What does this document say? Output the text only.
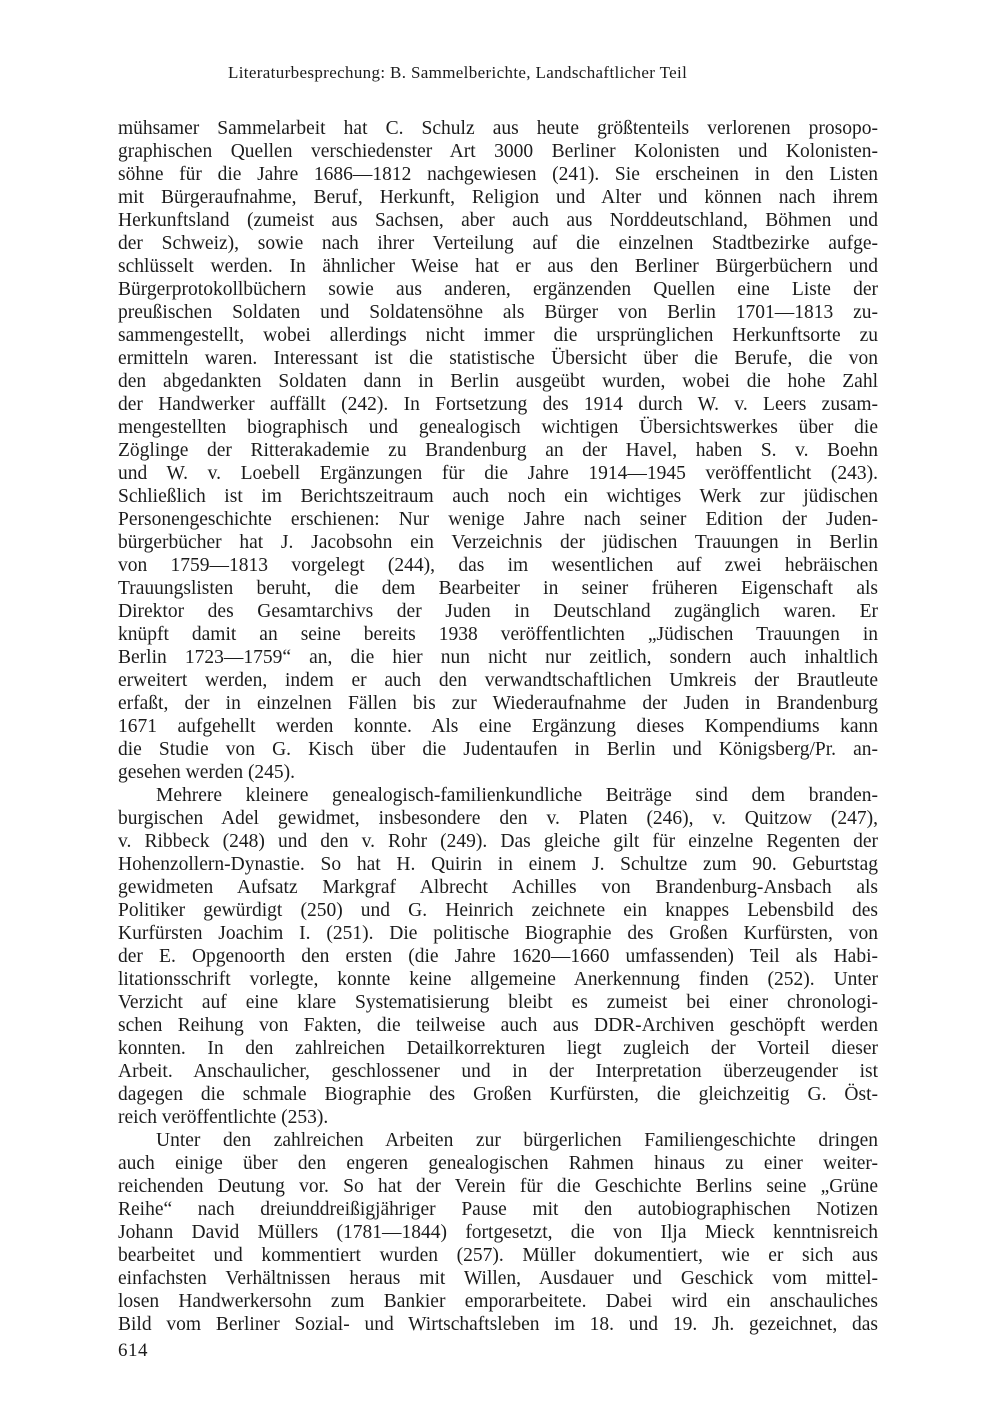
Literaturbesprechung: B. Sammelberichte, Landschaftlicher Teil
mühsamer Sammelarbeit hat C. Schulz aus heute größtenteils verlorenen prosopo-
graphischen Quellen verschiedenster Art 3000 Berliner Kolonisten und Kolonisten-
söhne für die Jahre 1686—1812 nachgewiesen (241). Sie erscheinen in den Listen
mit Bürgeraufnahme, Beruf, Herkunft, Religion und Alter und können nach ihrem
Herkunftsland (zumeist aus Sachsen, aber auch aus Norddeutschland, Böhmen und
der Schweiz), sowie nach ihrer Verteilung auf die einzelnen Stadtbezirke aufge-
schlüsselt werden. In ähnlicher Weise hat er aus den Berliner Bürgerbüchern und
Bürgerprotokollbüchern sowie aus anderen, ergänzenden Quellen eine Liste der
preußischen Soldaten und Soldatensöhne als Bürger von Berlin 1701—1813 zu-
sammengestellt, wobei allerdings nicht immer die ursprünglichen Herkunftsorte zu
ermitteln waren. Interessant ist die statistische Übersicht über die Berufe, die von
den abgedankten Soldaten dann in Berlin ausgeübt wurden, wobei die hohe Zahl
der Handwerker auffällt (242). In Fortsetzung des 1914 durch W. v. Leers zusam-
mengestellten biographisch und genealogisch wichtigen Übersichtswerkes über die
Zöglinge der Ritterakademie zu Brandenburg an der Havel, haben S. v. Boehn
und W. v. Loebell Ergänzungen für die Jahre 1914—1945 veröffentlicht (243).
Schließlich ist im Berichtszeitraum auch noch ein wichtiges Werk zur jüdischen
Personengeschichte erschienen: Nur wenige Jahre nach seiner Edition der Juden-
bürgerbücher hat J. Jacobsohn ein Verzeichnis der jüdischen Trauungen in Berlin
von 1759—1813 vorgelegt (244), das im wesentlichen auf zwei hebräischen
Trauungslisten beruht, die dem Bearbeiter in seiner früheren Eigenschaft als
Direktor des Gesamtarchivs der Juden in Deutschland zugänglich waren. Er
knüpft damit an seine bereits 1938 veröffentlichten „Jüdischen Trauungen in
Berlin 1723—1759“ an, die hier nun nicht nur zeitlich, sondern auch inhaltlich
erweitert werden, indem er auch den verwandtschaftlichen Umkreis der Brautleute
erfaßt, der in einzelnen Fällen bis zur Wiederaufnahme der Juden in Brandenburg
1671 aufgehellt werden konnte. Als eine Ergänzung dieses Kompendiums kann
die Studie von G. Kisch über die Judentaufen in Berlin und Königsberg/Pr. an-
gesehen werden (245).
Mehrere kleinere genealogisch-familienkundliche Beiträge sind dem branden-
burgischen Adel gewidmet, insbesondere den v. Platen (246), v. Quitzow (247),
v. Ribbeck (248) und den v. Rohr (249). Das gleiche gilt für einzelne Regenten der
Hohenzollern-Dynastie. So hat H. Quirin in einem J. Schultze zum 90. Geburtstag
gewidmeten Aufsatz Markgraf Albrecht Achilles von Brandenburg-Ansbach als
Politiker gewürdigt (250) und G. Heinrich zeichnete ein knappes Lebensbild des
Kurfürsten Joachim I. (251). Die politische Biographie des Großen Kurfürsten, von
der E. Opgenoorth den ersten (die Jahre 1620—1660 umfassenden) Teil als Habi-
litationsschrift vorlegte, konnte keine allgemeine Anerkennung finden (252). Unter
Verzicht auf eine klare Systematisierung bleibt es zumeist bei einer chronologi-
schen Reihung von Fakten, die teilweise auch aus DDR-Archiven geschöpft werden
konnten. In den zahlreichen Detailkorrekturen liegt zugleich der Vorteil dieser
Arbeit. Anschaulicher, geschlossener und in der Interpretation überzeugender ist
dagegen die schmale Biographie des Großen Kurfürsten, die gleichzeitig G. Öst-
reich veröffentlichte (253).
Unter den zahlreichen Arbeiten zur bürgerlichen Familiengeschichte dringen
auch einige über den engeren genealogischen Rahmen hinaus zu einer weiter-
reichenden Deutung vor. So hat der Verein für die Geschichte Berlins seine „Grüne
Reihe“ nach dreiunddreißigjähriger Pause mit den autobiographischen Notizen
Johann David Müllers (1781—1844) fortgesetzt, die von Ilja Mieck kenntnisreich
bearbeitet und kommentiert wurden (257). Müller dokumentiert, wie er sich aus
einfachsten Verhältnissen heraus mit Willen, Ausdauer und Geschick vom mittel-
losen Handwerkersohn zum Bankier emporarbeitete. Dabei wird ein anschauliches
Bild vom Berliner Sozial- und Wirtschaftsleben im 18. und 19. Jh. gezeichnet, das
614
